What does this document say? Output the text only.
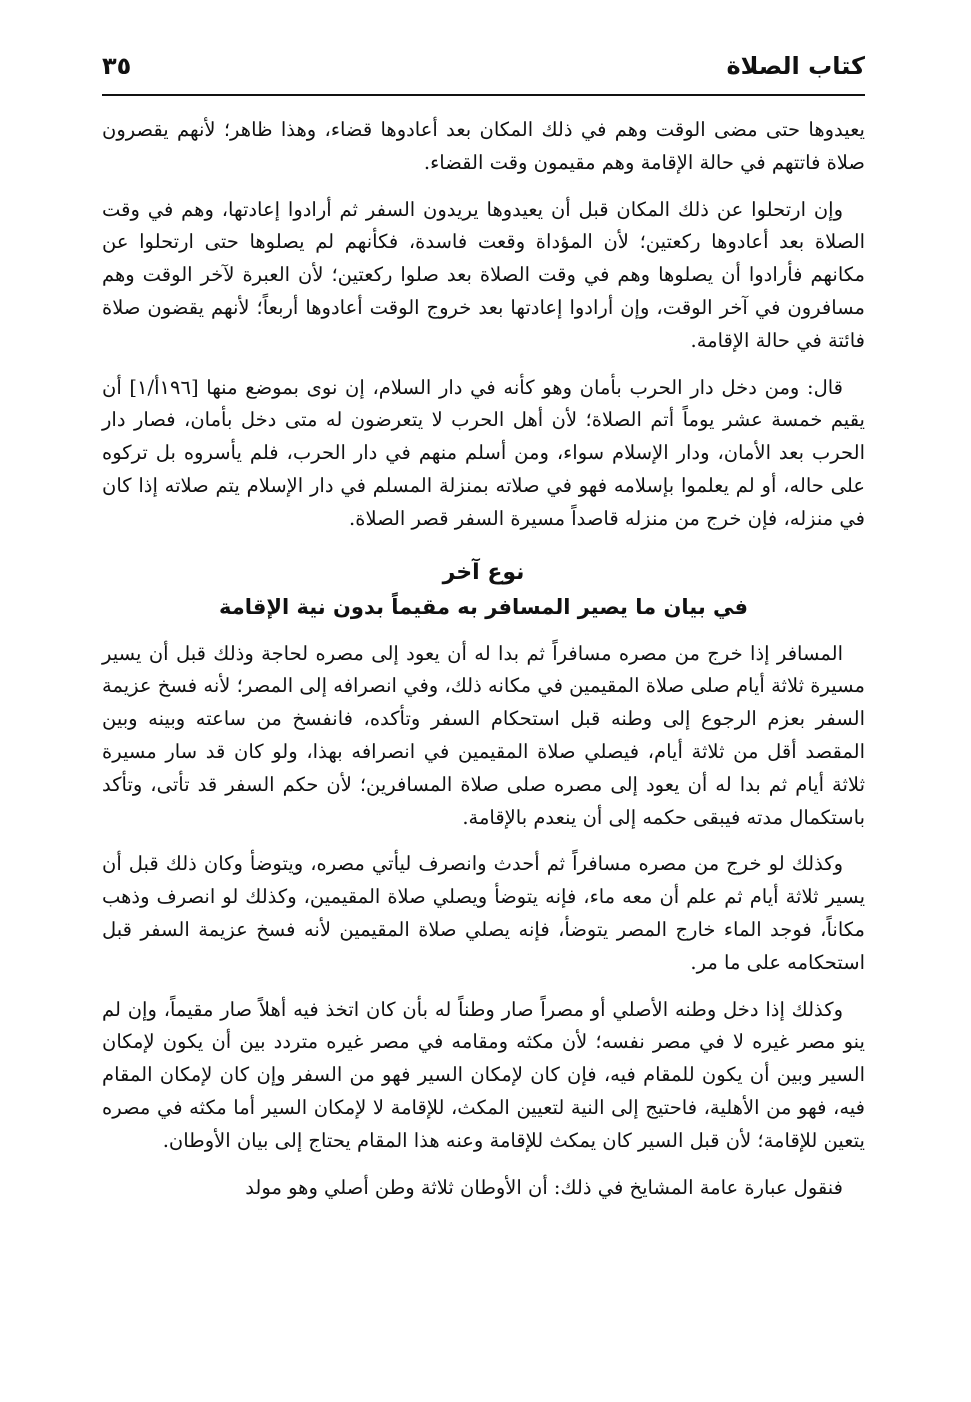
كتاب الصلاة
٣٥

يعيدوها حتى مضى الوقت وهم في ذلك المكان بعد أعادوها قضاء، وهذا ظاهر؛ لأنهم يقصرون صلاة فاتتهم في حالة الإقامة وهم مقيمون وقت القضاء.

وإن ارتحلوا عن ذلك المكان قبل أن يعيدوها يريدون السفر ثم أرادوا إعادتها، وهم في وقت الصلاة بعد أعادوها ركعتين؛ لأن المؤداة وقعت فاسدة، فكأنهم لم يصلوها حتى ارتحلوا عن مكانهم فأرادوا أن يصلوها وهم في وقت الصلاة بعد صلوا ركعتين؛ لأن العبرة لآخر الوقت وهم مسافرون في آخر الوقت، وإن أرادوا إعادتها بعد خروج الوقت أعادوها أربعاً؛ لأنهم يقضون صلاة فائتة في حالة الإقامة.

قال: ومن دخل دار الحرب بأمان وهو كأنه في دار السلام، إن نوى بموضع منها [١٩٦أ/١] أن يقيم خمسة عشر يوماً أتم الصلاة؛ لأن أهل الحرب لا يتعرضون له متى دخل بأمان، فصار دار الحرب بعد الأمان، ودار الإسلام سواء، ومن أسلم منهم في دار الحرب، فلم يأسروه بل تركوه على حاله، أو لم يعلموا بإسلامه فهو في صلاته بمنزلة المسلم في دار الإسلام يتم صلاته إذا كان في منزله، فإن خرج من منزله قاصداً مسيرة السفر قصر الصلاة.

نوع آخر
في بيان ما يصير المسافر به مقيماً بدون نية الإقامة

المسافر إذا خرج من مصره مسافراً ثم بدا له أن يعود إلى مصره لحاجة وذلك قبل أن يسير مسيرة ثلاثة أيام صلى صلاة المقيمين في مكانه ذلك، وفي انصرافه إلى المصر؛ لأنه فسخ عزيمة السفر بعزم الرجوع إلى وطنه قبل استحكام السفر وتأكده، فانفسخ من ساعته وبينه وبين المقصد أقل من ثلاثة أيام، فيصلي صلاة المقيمين في انصرافه بهذا، ولو كان قد سار مسيرة ثلاثة أيام ثم بدا له أن يعود إلى مصره صلى صلاة المسافرين؛ لأن حكم السفر قد تأتى، وتأكد باستكمال مدته فيبقى حكمه إلى أن ينعدم بالإقامة.

وكذلك لو خرج من مصره مسافراً ثم أحدث وانصرف ليأتي مصره، ويتوضأ وكان ذلك قبل أن يسير ثلاثة أيام ثم علم أن معه ماء، فإنه يتوضأ ويصلي صلاة المقيمين، وكذلك لو انصرف وذهب مكاناً، فوجد الماء خارج المصر يتوضأ، فإنه يصلي صلاة المقيمين لأنه فسخ عزيمة السفر قبل استحكامه على ما مر.

وكذلك إذا دخل وطنه الأصلي أو مصراً صار وطناً له بأن كان اتخذ فيه أهلاً صار مقيماً، وإن لم ينو مصر غيره لا في مصر نفسه؛ لأن مكثه ومقامه في مصر غيره متردد بين أن يكون لإمكان السير وبين أن يكون للمقام فيه، فإن كان لإمكان السير فهو من السفر وإن كان لإمكان المقام فيه، فهو من الأهلية، فاحتيج إلى النية لتعيين المكث، للإقامة لا لإمكان السير أما مكثه في مصره يتعين للإقامة؛ لأن قبل السير كان يمكث للإقامة وعنه هذا المقام يحتاج إلى بيان الأوطان.

فنقول عبارة عامة المشايخ في ذلك: أن الأوطان ثلاثة وطن أصلي وهو مولد
